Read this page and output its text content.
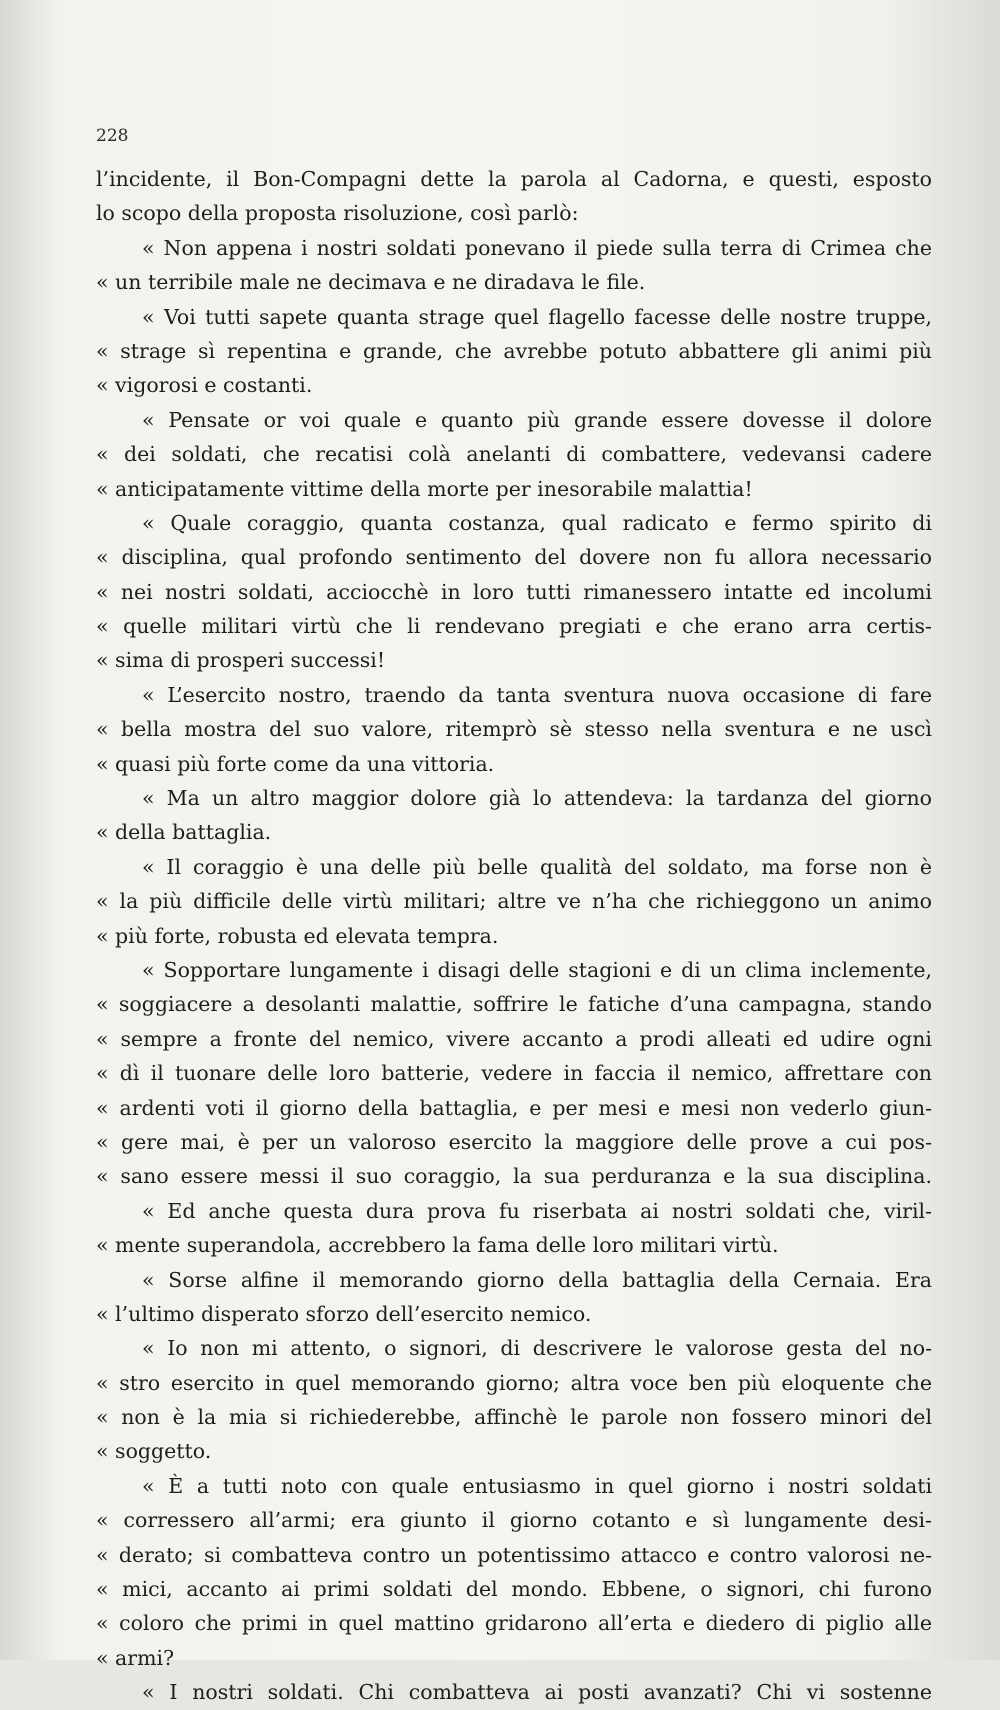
228

l’incidente, il Bon-Compagni dette la parola al Cadorna, e questi, esposto
lo scopo della proposta risoluzione, così parlò:
« Non appena i nostri soldati ponevano il piede sulla terra di Crimea che
« un terribile male ne decimava e ne diradava le file.
« Voi tutti sapete quanta strage quel flagello facesse delle nostre truppe,
« strage sì repentina e grande, che avrebbe potuto abbattere gli animi più
« vigorosi e costanti.
« Pensate or voi quale e quanto più grande essere dovesse il dolore
« dei soldati, che recatisi colà anelanti di combattere, vedevansi cadere
« anticipatamente vittime della morte per inesorabile malattia!
« Quale coraggio, quanta costanza, qual radicato e fermo spirito di
« disciplina, qual profondo sentimento del dovere non fu allora necessario
« nei nostri soldati, acciocchè in loro tutti rimanessero intatte ed incolumi
« quelle militari virtù che li rendevano pregiati e che erano arra certis-
« sima di prosperi successi!
« L’esercito nostro, traendo da tanta sventura nuova occasione di fare
« bella mostra del suo valore, ritemprò sè stesso nella sventura e ne uscì
« quasi più forte come da una vittoria.
« Ma un altro maggior dolore già lo attendeva: la tardanza del giorno
« della battaglia.
« Il coraggio è una delle più belle qualità del soldato, ma forse non è
« la più difficile delle virtù militari; altre ve n’ha che richieggono un animo
« più forte, robusta ed elevata tempra.
« Sopportare lungamente i disagi delle stagioni e di un clima inclemente,
« soggiacere a desolanti malattie, soffrire le fatiche d’una campagna, stando
« sempre a fronte del nemico, vivere accanto a prodi alleati ed udire ogni
« dì il tuonare delle loro batterie, vedere in faccia il nemico, affrettare con
« ardenti voti il giorno della battaglia, e per mesi e mesi non vederlo giun-
« gere mai, è per un valoroso esercito la maggiore delle prove a cui pos-
« sano essere messi il suo coraggio, la sua perduranza e la sua disciplina.
« Ed anche questa dura prova fu riserbata ai nostri soldati che, viril-
« mente superandola, accrebbero la fama delle loro militari virtù.
« Sorse alfine il memorando giorno della battaglia della Cernaia. Era
« l’ultimo disperato sforzo dell’esercito nemico.
« Io non mi attento, o signori, di descrivere le valorose gesta del no-
« stro esercito in quel memorando giorno; altra voce ben più eloquente che
« non è la mia si richiederebbe, affinchè le parole non fossero minori del
« soggetto.
« È a tutti noto con quale entusiasmo in quel giorno i nostri soldati
« corressero all’armi; era giunto il giorno cotanto e sì lungamente desi-
« derato; si combatteva contro un potentissimo attacco e contro valorosi ne-
« mici, accanto ai primi soldati del mondo. Ebbene, o signori, chi furono
« coloro che primi in quel mattino gridarono all’erta e diedero di piglio alle
« armi?
« I nostri soldati. Chi combatteva ai posti avanzati? Chi vi sostenne
